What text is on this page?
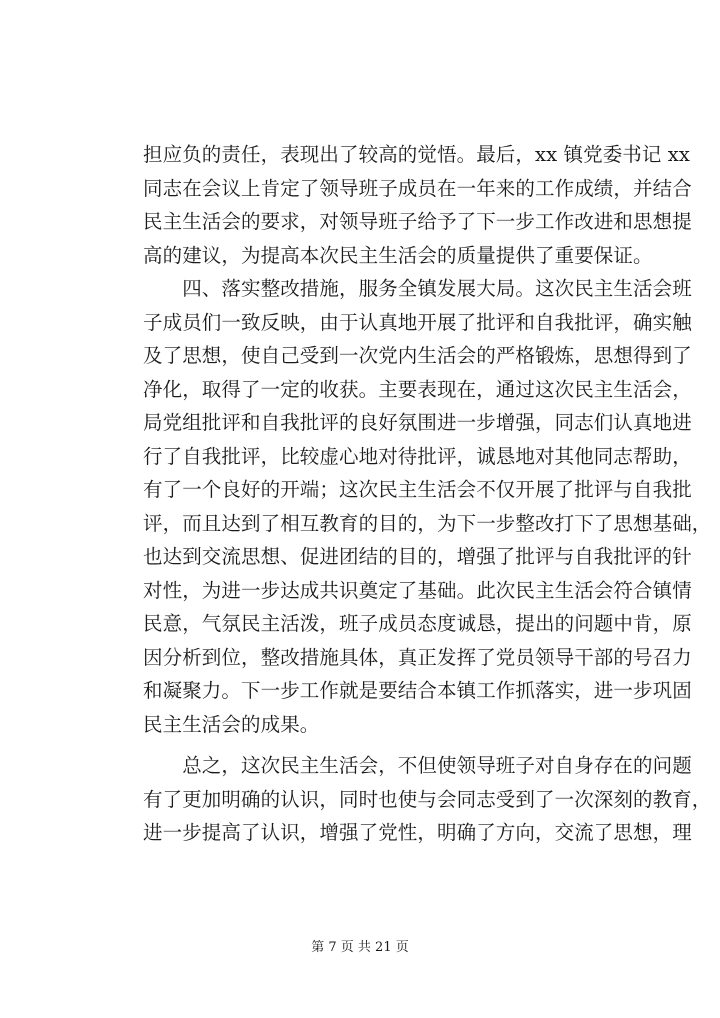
担应负的责任，表现出了较高的觉悟。最后，xx 镇党委书记 xx
同志在会议上肯定了领导班子成员在一年来的工作成绩，并结合
民主生活会的要求，对领导班子给予了下一步工作改进和思想提
高的建议，为提高本次民主生活会的质量提供了重要保证。
　　四、落实整改措施，服务全镇发展大局。这次民主生活会班
子成员们一致反映，由于认真地开展了批评和自我批评，确实触
及了思想，使自己受到一次党内生活会的严格锻炼，思想得到了
净化，取得了一定的收获。主要表现在，通过这次民主生活会，
局党组批评和自我批评的良好氛围进一步增强，同志们认真地进
行了自我批评，比较虚心地对待批评，诚恳地对其他同志帮助，
有了一个良好的开端；这次民主生活会不仅开展了批评与自我批
评，而且达到了相互教育的目的，为下一步整改打下了思想基础，
也达到交流思想、促进团结的目的，增强了批评与自我批评的针
对性，为进一步达成共识奠定了基础。此次民主生活会符合镇情
民意，气氛民主活泼，班子成员态度诚恳，提出的问题中肯，原
因分析到位，整改措施具体，真正发挥了党员领导干部的号召力
和凝聚力。下一步工作就是要结合本镇工作抓落实，进一步巩固
民主生活会的成果。
　　总之，这次民主生活会，不但使领导班子对自身存在的问题
有了更加明确的认识，同时也使与会同志受到了一次深刻的教育，
进一步提高了认识，增强了党性，明确了方向，交流了思想，理
第 7 页 共 21 页
